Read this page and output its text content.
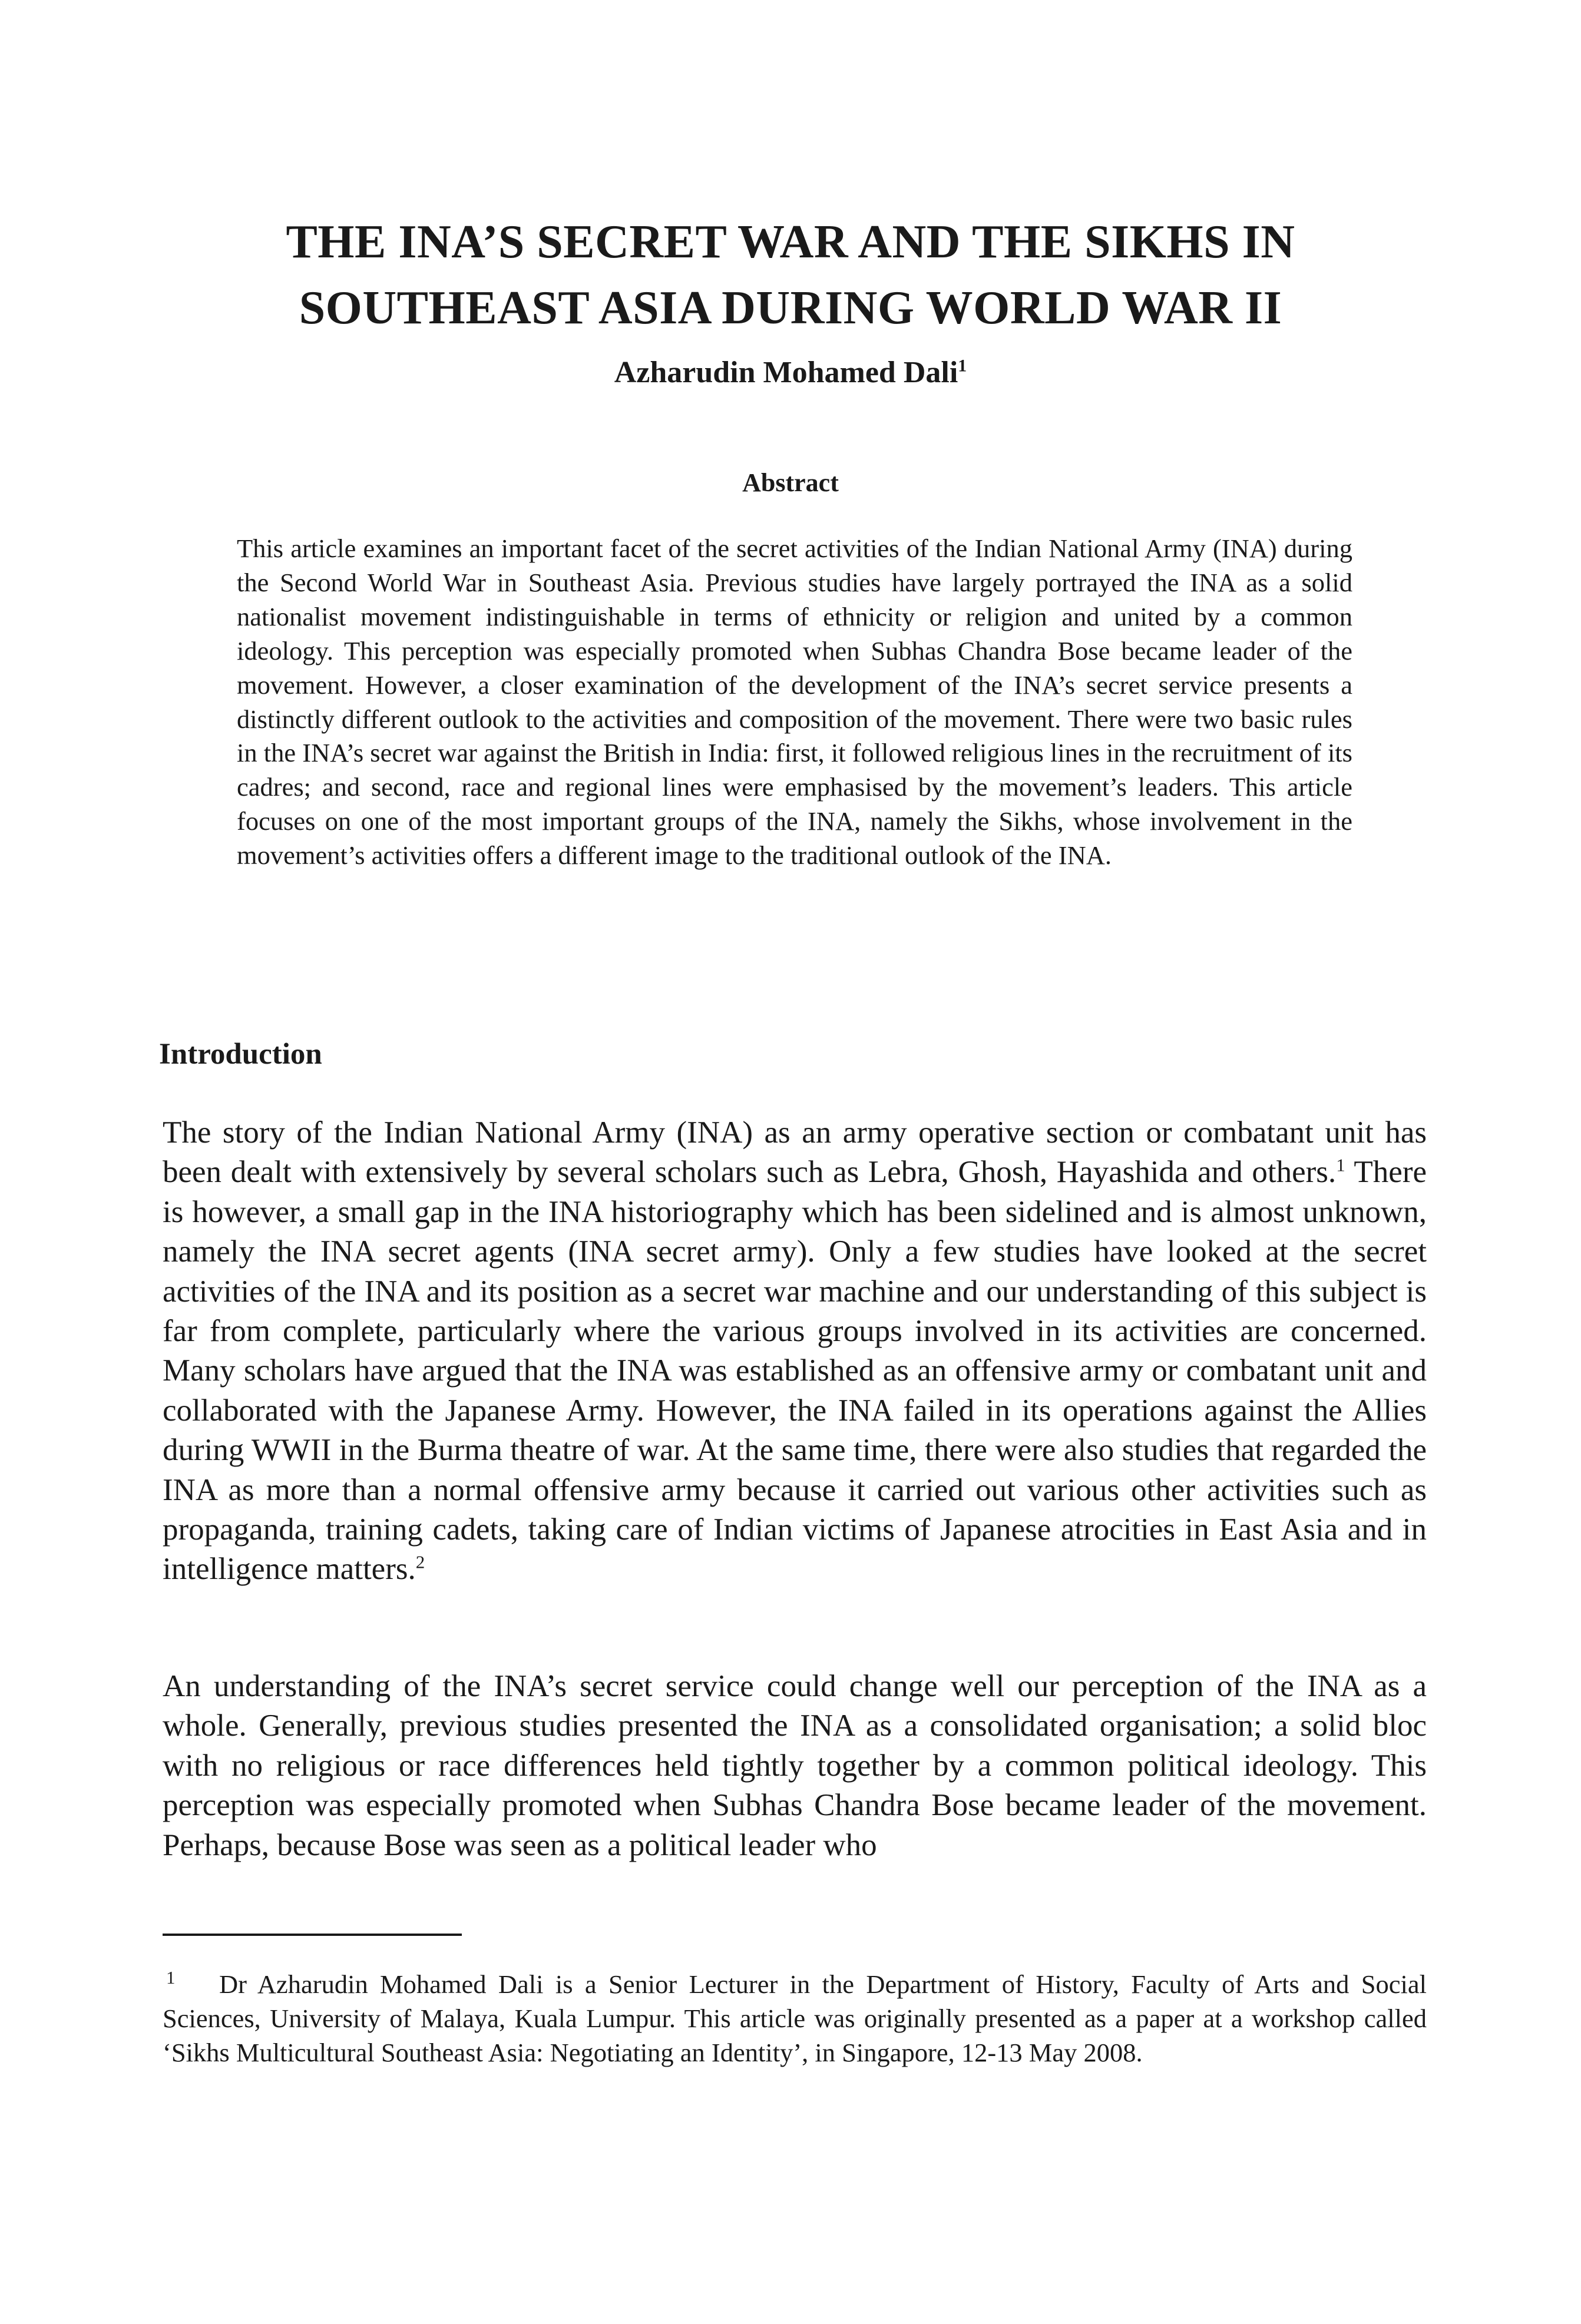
THE INA’S SECRET WAR AND THE SIKHS IN
SOUTHEAST ASIA DURING WORLD WAR II

Azharudin Mohamed Dali$^1$

Abstract

This article examines an important facet of the secret activities of the Indian National Army (INA) during the Second World War in Southeast Asia. Previous studies have largely portrayed the INA as a solid nationalist movement indistinguishable in terms of ethnicity or religion and united by a common ideology. This perception was especially promoted when Subhas Chandra Bose became leader of the movement. However, a closer examination of the development of the INA’s secret service presents a distinctly different outlook to the activities and composition of the movement. There were two basic rules in the INA’s secret war against the British in India: first, it followed religious lines in the recruitment of its cadres; and second, race and regional lines were emphasised by the movement’s leaders. This article focuses on one of the most important groups of the INA, namely the Sikhs, whose involvement in the movement’s activities offers a different image to the traditional outlook of the INA.

Introduction

The story of the Indian National Army (INA) as an army operative section or combatant unit has been dealt with extensively by several scholars such as Lebra, Ghosh, Hayashida and others.$^1$ There is however, a small gap in the INA historiography which has been sidelined and is almost unknown, namely the INA secret agents (INA secret army). Only a few studies have looked at the secret activities of the INA and its position as a secret war machine and our understanding of this subject is far from complete, particularly where the various groups involved in its activities are concerned. Many scholars have argued that the INA was established as an offensive army or combatant unit and collaborated with the Japanese Army. However, the INA failed in its operations against the Allies during WWII in the Burma theatre of war. At the same time, there were also studies that regarded the INA as more than a normal offensive army because it carried out various other activities such as propaganda, training cadets, taking care of Indian victims of Japanese atrocities in East Asia and in intelligence matters.$^2$

An understanding of the INA’s secret service could change well our perception of the INA as a whole. Generally, previous studies presented the INA as a consolidated organisation; a solid bloc with no religious or race differences held tightly together by a common political ideology. This perception was especially promoted when Subhas Chandra Bose became leader of the movement. Perhaps, because Bose was seen as a political leader who

1 Dr Azharudin Mohamed Dali is a Senior Lecturer in the Department of History, Faculty of Arts and Social Sciences, University of Malaya, Kuala Lumpur. This article was originally presented as a paper at a workshop called ‘Sikhs Multicultural Southeast Asia: Negotiating an Identity’, in Singapore, 12-13 May 2008.
